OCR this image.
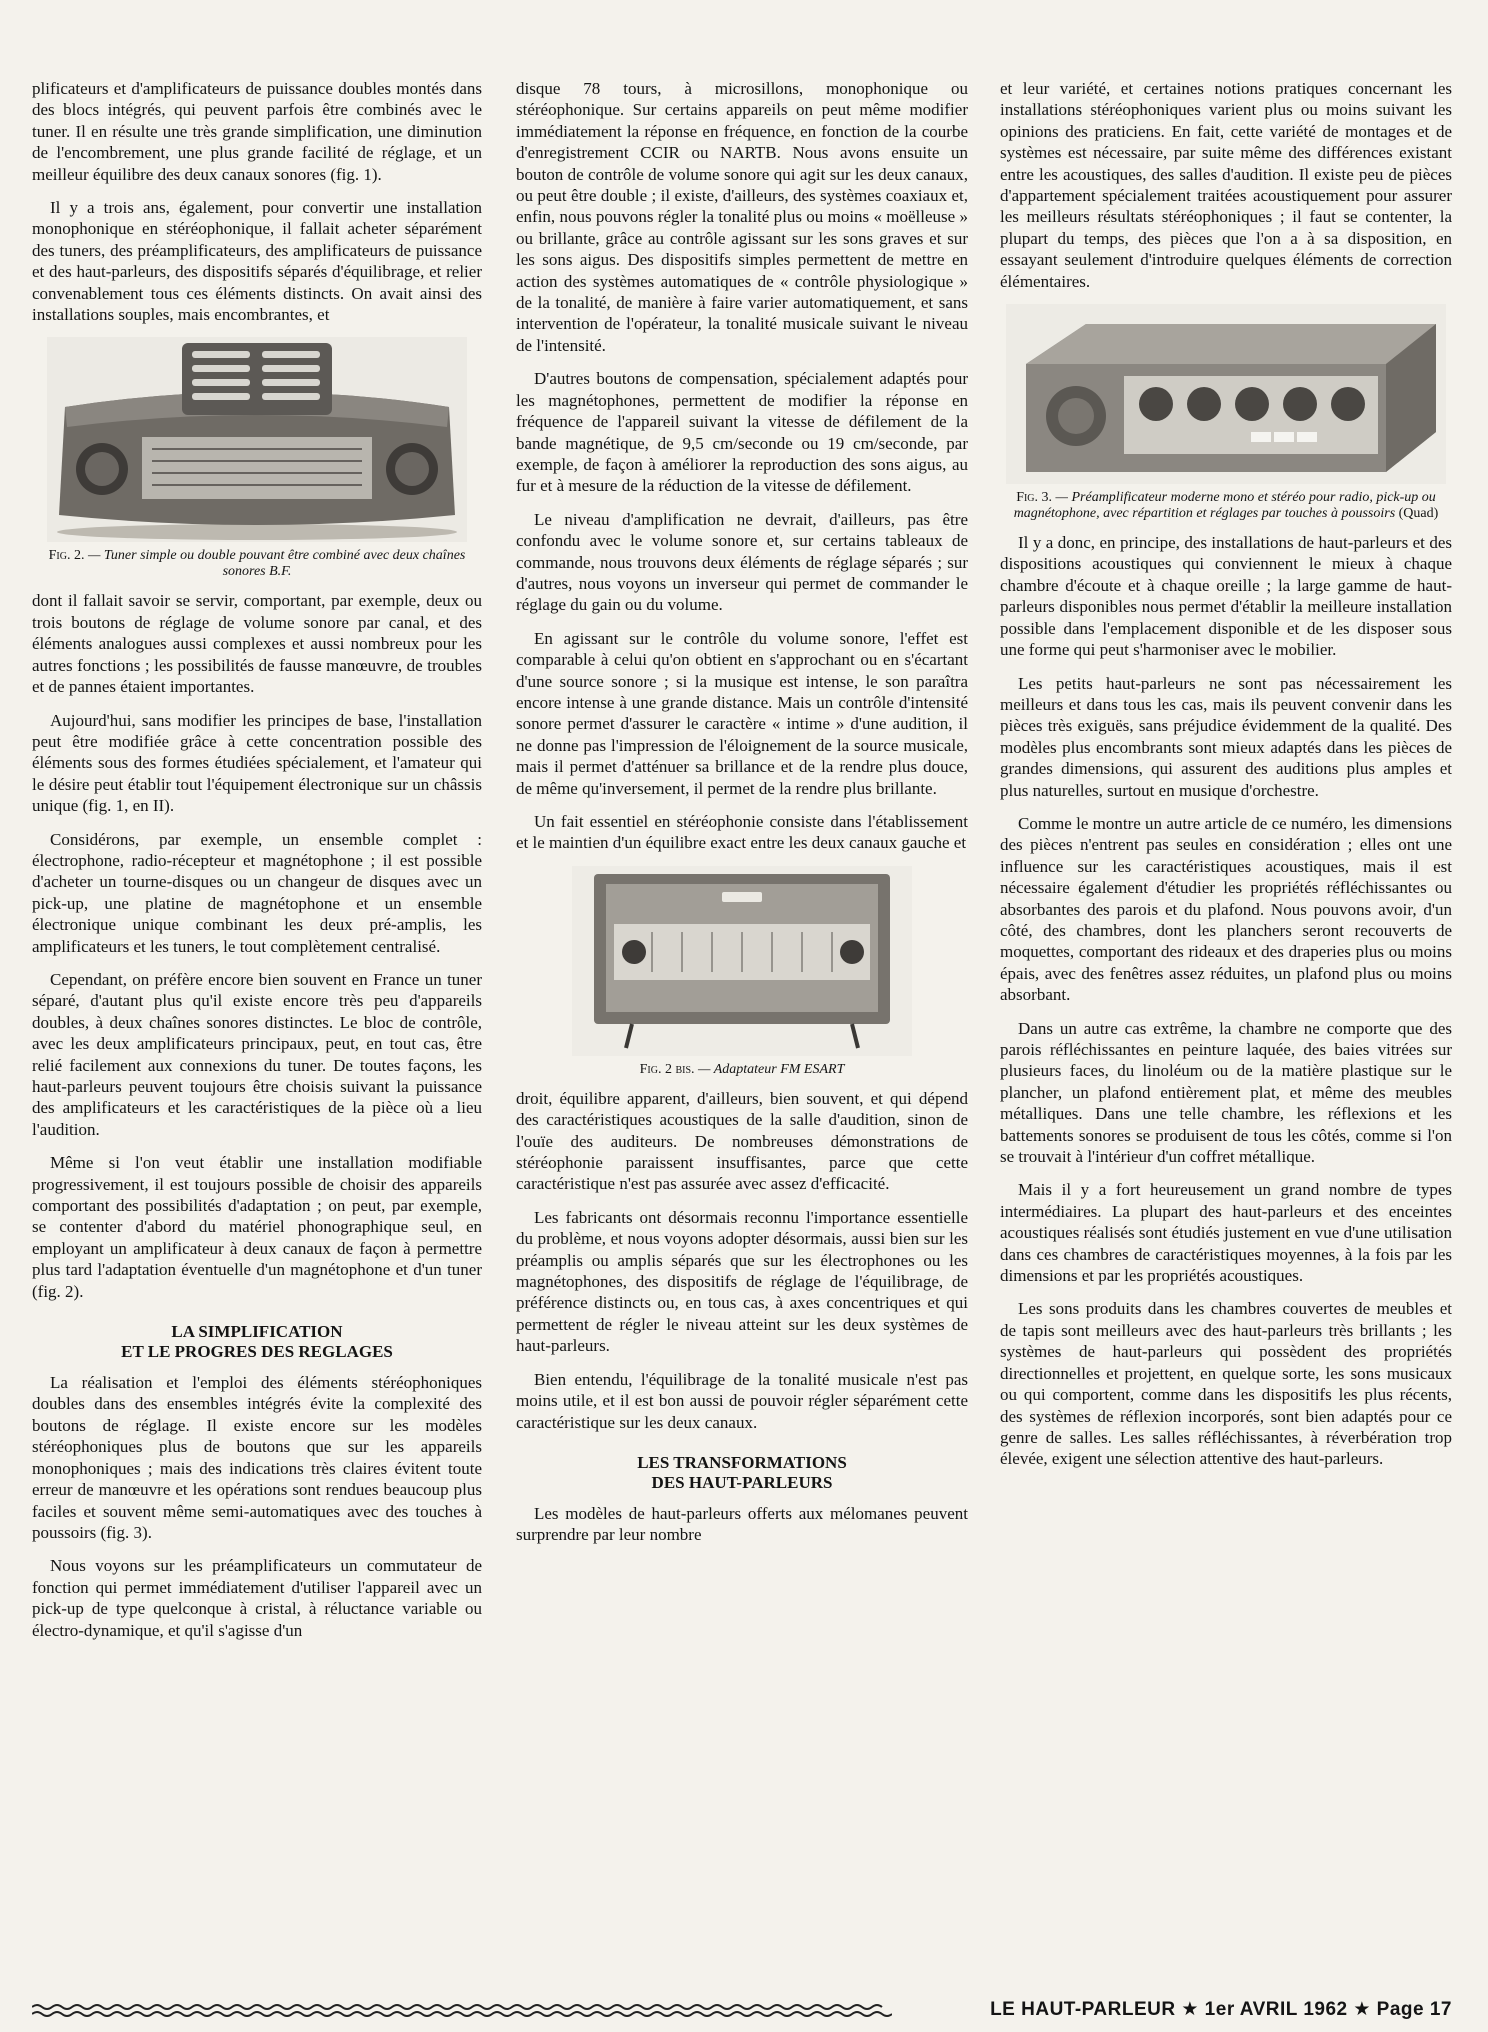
plificateurs et d'amplificateurs de puissance doubles montés dans des blocs intégrés, qui peuvent parfois être combinés avec le tuner. Il en résulte une très grande simplification, une diminution de l'encombrement, une plus grande facilité de réglage, et un meilleur équilibre des deux canaux sonores (fig. 1).

Il y a trois ans, également, pour convertir une installation monophonique en stéréophonique, il fallait acheter séparément des tuners, des préamplificateurs, des amplificateurs de puissance et des haut-parleurs, des dispositifs séparés d'équilibrage, et relier convenablement tous ces éléments distincts. On avait ainsi des installations souples, mais encombrantes, et

Fig. 2. — Tuner simple ou double pouvant être combiné avec deux chaînes sonores B.F.

dont il fallait savoir se servir, comportant, par exemple, deux ou trois boutons de réglage de volume sonore par canal, et des éléments analogues aussi complexes et aussi nombreux pour les autres fonctions ; les possibilités de fausse manœuvre, de troubles et de pannes étaient importantes.

Aujourd'hui, sans modifier les principes de base, l'installation peut être modifiée grâce à cette concentration possible des éléments sous des formes étudiées spécialement, et l'amateur qui le désire peut établir tout l'équipement électronique sur un châssis unique (fig. 1, en II).

Considérons, par exemple, un ensemble complet : électrophone, radio-récepteur et magnétophone ; il est possible d'acheter un tourne-disques ou un changeur de disques avec un pick-up, une platine de magnétophone et un ensemble électronique unique combinant les deux pré-amplis, les amplificateurs et les tuners, le tout complètement centralisé.

Cependant, on préfère encore bien souvent en France un tuner séparé, d'autant plus qu'il existe encore très peu d'appareils doubles, à deux chaînes sonores distinctes. Le bloc de contrôle, avec les deux amplificateurs principaux, peut, en tout cas, être relié facilement aux connexions du tuner. De toutes façons, les haut-parleurs peuvent toujours être choisis suivant la puissance des amplificateurs et les caractéristiques de la pièce où a lieu l'audition.

Même si l'on veut établir une installation modifiable progressivement, il est toujours possible de choisir des appareils comportant des possibilités d'adaptation ; on peut, par exemple, se contenter d'abord du matériel phonographique seul, en employant un amplificateur à deux canaux de façon à permettre plus tard l'adaptation éventuelle d'un magnétophone et d'un tuner (fig. 2).

LA SIMPLIFICATION
ET LE PROGRES DES REGLAGES

La réalisation et l'emploi des éléments stéréophoniques doubles dans des ensembles intégrés évite la complexité des boutons de réglage. Il existe encore sur les modèles stéréophoniques plus de boutons que sur les appareils monophoniques ; mais des indications très claires évitent toute erreur de manœuvre et les opérations sont rendues beaucoup plus faciles et souvent même semi-automatiques avec des touches à poussoirs (fig. 3).

Nous voyons sur les préamplificateurs un commutateur de fonction qui permet immédiatement d'utiliser l'appareil avec un pick-up de type quelconque à cristal, à réluctance variable ou électro-dynamique, et qu'il s'agisse d'un

disque 78 tours, à microsillons, monophonique ou stéréophonique. Sur certains appareils on peut même modifier immédiatement la réponse en fréquence, en fonction de la courbe d'enregistrement CCIR ou NARTB. Nous avons ensuite un bouton de contrôle de volume sonore qui agit sur les deux canaux, ou peut être double ; il existe, d'ailleurs, des systèmes coaxiaux et, enfin, nous pouvons régler la tonalité plus ou moins « moëlleuse » ou brillante, grâce au contrôle agissant sur les sons graves et sur les sons aigus. Des dispositifs simples permettent de mettre en action des systèmes automatiques de « contrôle physiologique » de la tonalité, de manière à faire varier automatiquement, et sans intervention de l'opérateur, la tonalité musicale suivant le niveau de l'intensité.

D'autres boutons de compensation, spécialement adaptés pour les magnétophones, permettent de modifier la réponse en fréquence de l'appareil suivant la vitesse de défilement de la bande magnétique, de 9,5 cm/seconde ou 19 cm/seconde, par exemple, de façon à améliorer la reproduction des sons aigus, au fur et à mesure de la réduction de la vitesse de défilement.

Le niveau d'amplification ne devrait, d'ailleurs, pas être confondu avec le volume sonore et, sur certains tableaux de commande, nous trouvons deux éléments de réglage séparés ; sur d'autres, nous voyons un inverseur qui permet de commander le réglage du gain ou du volume.

En agissant sur le contrôle du volume sonore, l'effet est comparable à celui qu'on obtient en s'approchant ou en s'écartant d'une source sonore ; si la musique est intense, le son paraîtra encore intense à une grande distance. Mais un contrôle d'intensité sonore permet d'assurer le caractère « intime » d'une audition, il ne donne pas l'impression de l'éloignement de la source musicale, mais il permet d'atténuer sa brillance et de la rendre plus douce, de même qu'inversement, il permet de la rendre plus brillante.

Un fait essentiel en stéréophonie consiste dans l'établissement et le maintien d'un équilibre exact entre les deux canaux gauche et

Fig. 2 bis. — Adaptateur FM ESART

droit, équilibre apparent, d'ailleurs, bien souvent, et qui dépend des caractéristiques acoustiques de la salle d'audition, sinon de l'ouïe des auditeurs. De nombreuses démonstrations de stéréophonie paraissent insuffisantes, parce que cette caractéristique n'est pas assurée avec assez d'efficacité.

Les fabricants ont désormais reconnu l'importance essentielle du problème, et nous voyons adopter désormais, aussi bien sur les préamplis ou amplis séparés que sur les électrophones ou les magnétophones, des dispositifs de réglage de l'équilibrage, de préférence distincts ou, en tous cas, à axes concentriques et qui permettent de régler le niveau atteint sur les deux systèmes de haut-parleurs.

Bien entendu, l'équilibrage de la tonalité musicale n'est pas moins utile, et il est bon aussi de pouvoir régler séparément cette caractéristique sur les deux canaux.

LES TRANSFORMATIONS
DES HAUT-PARLEURS

Les modèles de haut-parleurs offerts aux mélomanes peuvent surprendre par leur nombre

et leur variété, et certaines notions pratiques concernant les installations stéréophoniques varient plus ou moins suivant les opinions des praticiens. En fait, cette variété de montages et de systèmes est nécessaire, par suite même des différences existant entre les acoustiques, des salles d'audition. Il existe peu de pièces d'appartement spécialement traitées acoustiquement pour assurer les meilleurs résultats stéréophoniques ; il faut se contenter, la plupart du temps, des pièces que l'on a à sa disposition, en essayant seulement d'introduire quelques éléments de correction élémentaires.

Fig. 3. — Préamplificateur moderne mono et stéréo pour radio, pick-up ou magnétophone, avec répartition et réglages par touches à poussoirs (Quad)

Il y a donc, en principe, des installations de haut-parleurs et des dispositions acoustiques qui conviennent le mieux à chaque chambre d'écoute et à chaque oreille ; la large gamme de haut-parleurs disponibles nous permet d'établir la meilleure installation possible dans l'emplacement disponible et de les disposer sous une forme qui peut s'harmoniser avec le mobilier.

Les petits haut-parleurs ne sont pas nécessairement les meilleurs et dans tous les cas, mais ils peuvent convenir dans les pièces très exiguës, sans préjudice évidemment de la qualité. Des modèles plus encombrants sont mieux adaptés dans les pièces de grandes dimensions, qui assurent des auditions plus amples et plus naturelles, surtout en musique d'orchestre.

Comme le montre un autre article de ce numéro, les dimensions des pièces n'entrent pas seules en considération ; elles ont une influence sur les caractéristiques acoustiques, mais il est nécessaire également d'étudier les propriétés réfléchissantes ou absorbantes des parois et du plafond. Nous pouvons avoir, d'un côté, des chambres, dont les planchers seront recouverts de moquettes, comportant des rideaux et des draperies plus ou moins épais, avec des fenêtres assez réduites, un plafond plus ou moins absorbant.

Dans un autre cas extrême, la chambre ne comporte que des parois réfléchissantes en peinture laquée, des baies vitrées sur plusieurs faces, du linoléum ou de la matière plastique sur le plancher, un plafond entièrement plat, et même des meubles métalliques. Dans une telle chambre, les réflexions et les battements sonores se produisent de tous les côtés, comme si l'on se trouvait à l'intérieur d'un coffret métallique.

Mais il y a fort heureusement un grand nombre de types intermédiaires. La plupart des haut-parleurs et des enceintes acoustiques réalisés sont étudiés justement en vue d'une utilisation dans ces chambres de caractéristiques moyennes, à la fois par les dimensions et par les propriétés acoustiques.

Les sons produits dans les chambres couvertes de meubles et de tapis sont meilleurs avec des haut-parleurs très brillants ; les systèmes de haut-parleurs qui possèdent des propriétés directionnelles et projettent, en quelque sorte, les sons musicaux ou qui comportent, comme dans les dispositifs les plus récents, des systèmes de réflexion incorporés, sont bien adaptés pour ce genre de salles. Les salles réfléchissantes, à réverbération trop élevée, exigent une sélection attentive des haut-parleurs.

LE HAUT-PARLEUR ★ 1er AVRIL 1962 ★ Page 17
